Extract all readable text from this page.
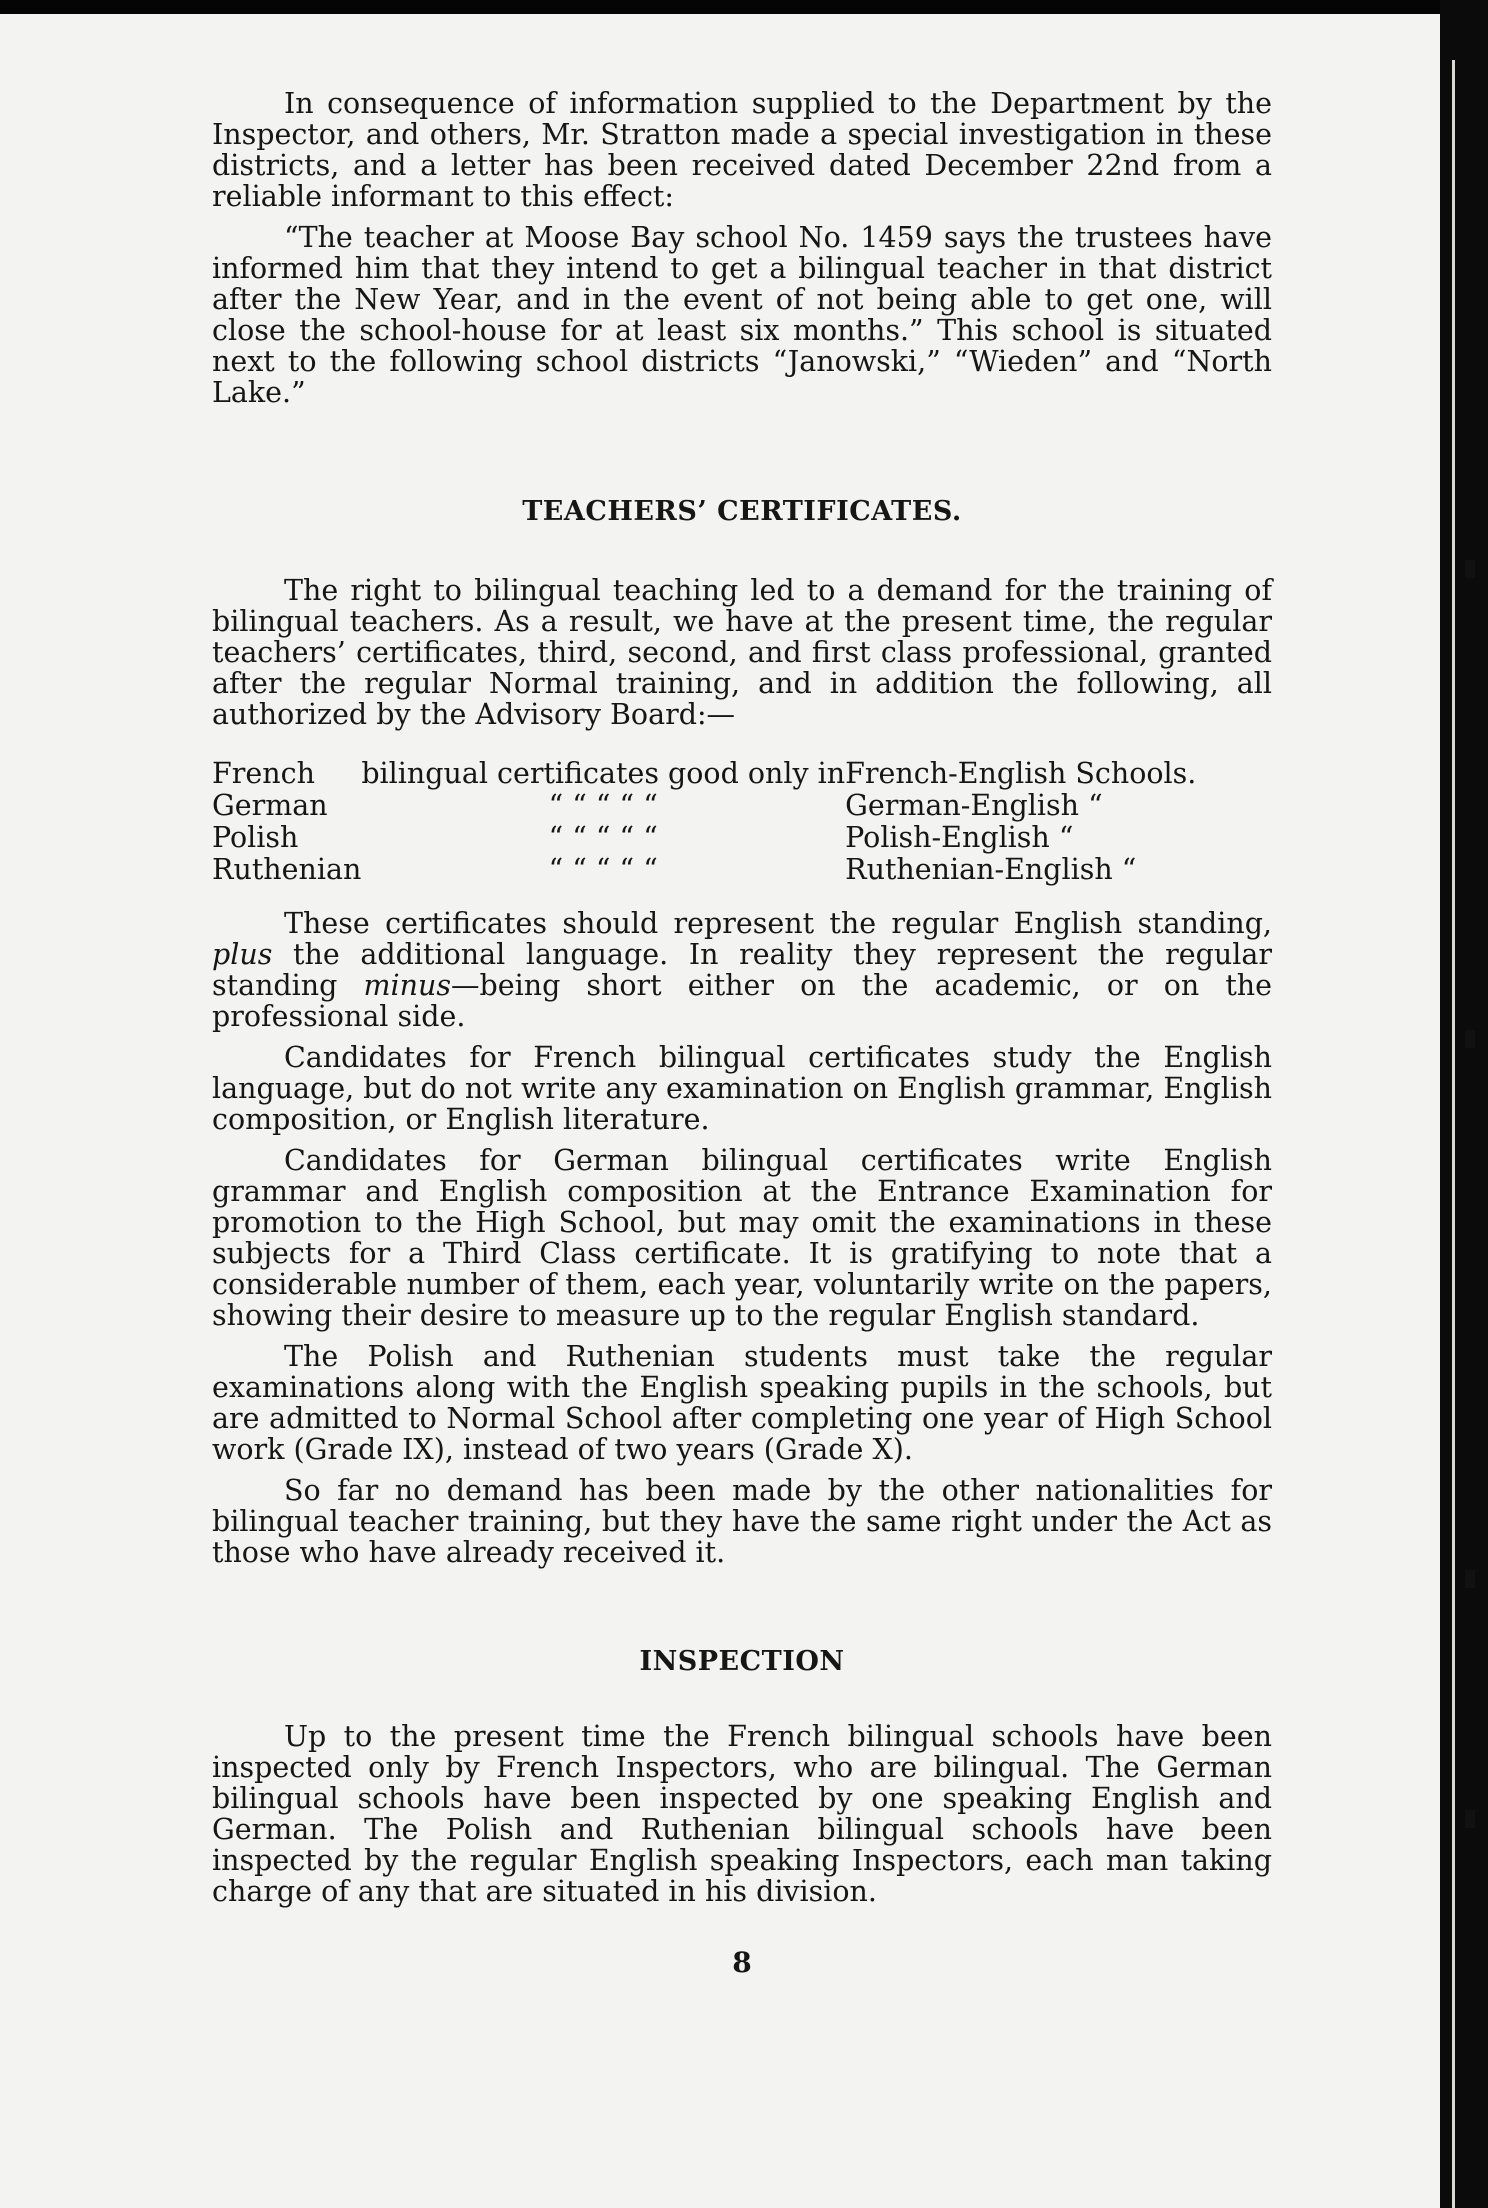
In consequence of information supplied to the Department by the Inspector, and others, Mr. Stratton made a special investigation in these districts, and a letter has been received dated December 22nd from a reliable informant to this effect:

“The teacher at Moose Bay school No. 1459 says the trustees have informed him that they intend to get a bilingual teacher in that district after the New Year, and in the event of not being able to get one, will close the school-house for at least six months.” This school is situated next to the following school districts “Janowski,” “Wieden” and “North Lake.”

TEACHERS’ CERTIFICATES.

The right to bilingual teaching led to a demand for the training of bilingual teachers. As a result, we have at the present time, the regular teachers’ certificates, third, second, and first class professional, granted after the regular Normal training, and in addition the following, all authorized by the Advisory Board:—

French	bilingual certificates good only in	French-English Schools.
German	“ “ “ “ “	German-English “
Polish	“ “ “ “ “	Polish-English “
Ruthenian	“ “ “ “ “	Ruthenian-English “

These certificates should represent the regular English standing, plus the additional language. In reality they represent the regular standing minus—being short either on the academic, or on the professional side.

Candidates for French bilingual certificates study the English language, but do not write any examination on English grammar, English composition, or English literature.

Candidates for German bilingual certificates write English grammar and English composition at the Entrance Examination for promotion to the High School, but may omit the examinations in these subjects for a Third Class certificate. It is gratifying to note that a considerable number of them, each year, voluntarily write on the papers, showing their desire to measure up to the regular English standard.

The Polish and Ruthenian students must take the regular examinations along with the English speaking pupils in the schools, but are admitted to Normal School after completing one year of High School work (Grade IX), instead of two years (Grade X).

So far no demand has been made by the other nationalities for bilingual teacher training, but they have the same right under the Act as those who have already received it.

INSPECTION

Up to the present time the French bilingual schools have been inspected only by French Inspectors, who are bilingual. The German bilingual schools have been inspected by one speaking English and German. The Polish and Ruthenian bilingual schools have been inspected by the regular English speaking Inspectors, each man taking charge of any that are situated in his division.

8
